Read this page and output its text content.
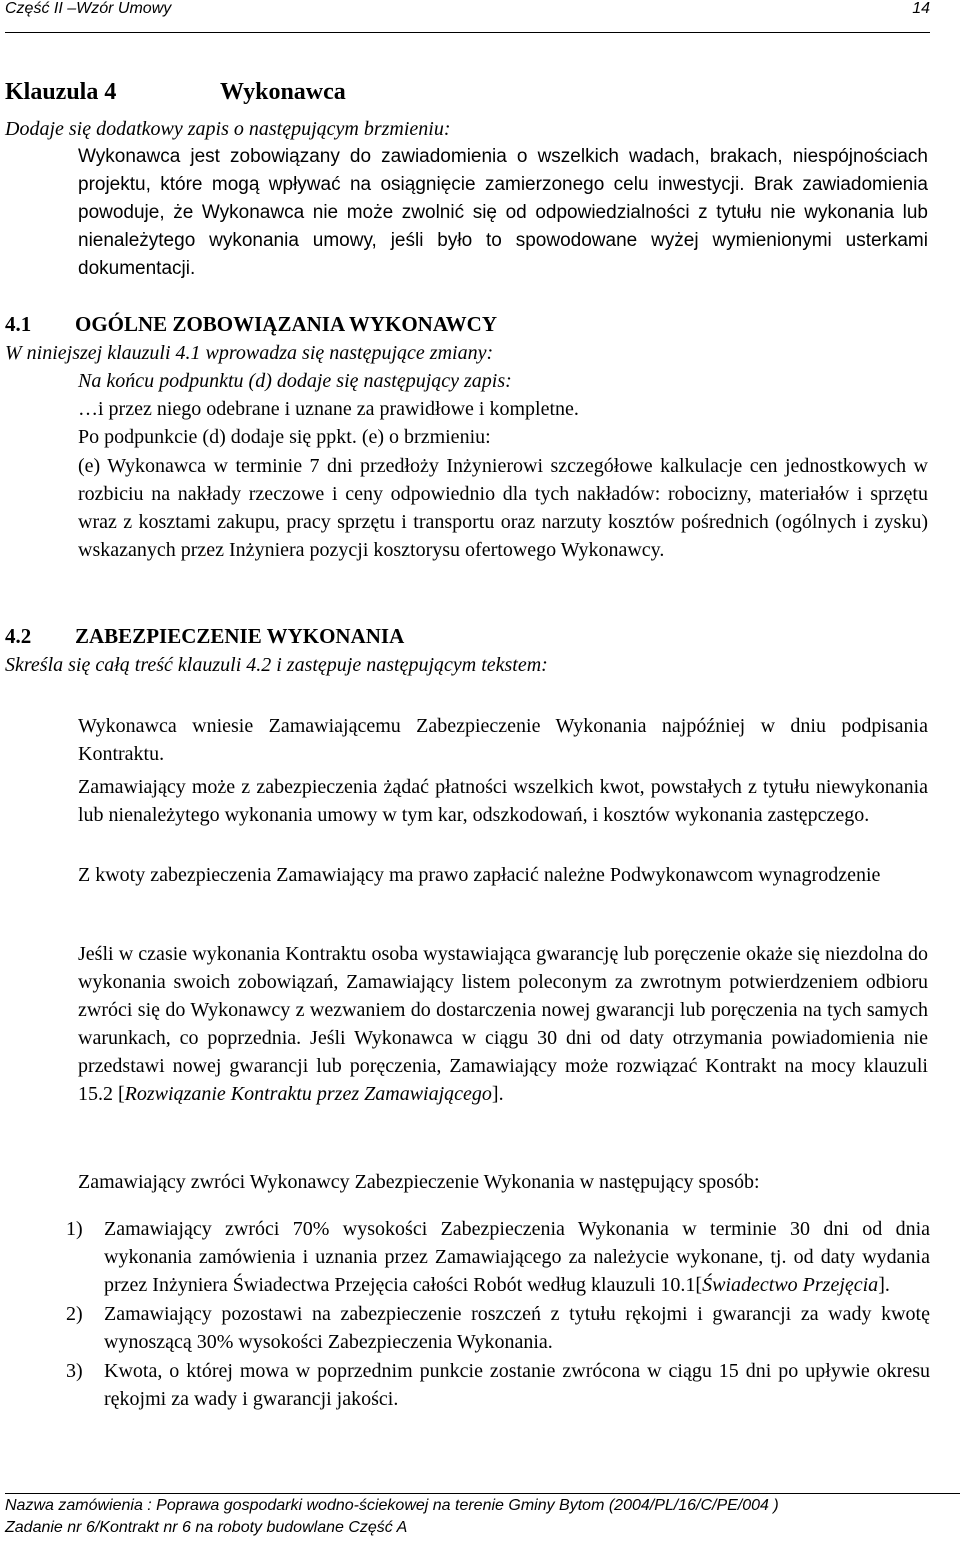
Część II –Wzór Umowy	14
Klauzula 4	Wykonawca
Dodaje się dodatkowy zapis o następującym brzmieniu:
Wykonawca jest zobowiązany do zawiadomienia o wszelkich wadach, brakach, niespójnościach projektu, które mogą wpływać na osiągnięcie zamierzonego celu inwestycji. Brak zawiadomienia powoduje, że Wykonawca nie może zwolnić się od odpowiedzialności z tytułu nie wykonania lub nienależytego wykonania umowy, jeśli było to spowodowane wyżej wymienionymi usterkami dokumentacji.
4.1 OGÓLNE ZOBOWIĄZANIA WYKONAWCY
W niniejszej klauzuli 4.1 wprowadza się następujące zmiany:
Na końcu podpunktu (d) dodaje się następujący zapis:
…i przez niego odebrane i uznane za prawidłowe i kompletne.
Po podpunkcie (d) dodaje się ppkt. (e) o brzmieniu:
(e) Wykonawca w terminie 7 dni przedłoży Inżynierowi szczegółowe kalkulacje cen jednostkowych w rozbiciu na nakłady rzeczowe i ceny odpowiednio dla tych nakładów: robocizny, materiałów i sprzętu wraz z kosztami zakupu, pracy sprzętu i transportu oraz narzuty kosztów pośrednich (ogólnych i zysku) wskazanych przez Inżyniera pozycji kosztorysu ofertowego Wykonawcy.
4.2 ZABEZPIECZENIE WYKONANIA
Skreśla się całą treść klauzuli 4.2 i zastępuje następującym tekstem:
Wykonawca wniesie Zamawiającemu Zabezpieczenie Wykonania najpóźniej w dniu podpisania Kontraktu.
Zamawiający może z zabezpieczenia żądać płatności wszelkich kwot, powstałych z tytułu niewykonania lub nienależytego wykonania umowy w tym kar, odszkodowań, i kosztów wykonania zastępczego.
Z kwoty zabezpieczenia Zamawiający ma prawo zapłacić należne Podwykonawcom wynagrodzenie
Jeśli w czasie wykonania Kontraktu osoba wystawiająca gwarancję lub poręczenie okaże się niezdolna do wykonania swoich zobowiązań, Zamawiający listem poleconym za zwrotnym potwierdzeniem odbioru zwróci się do Wykonawcy z wezwaniem do dostarczenia nowej gwarancji lub poręczenia na tych samych warunkach, co poprzednia. Jeśli Wykonawca w ciągu 30 dni od daty otrzymania powiadomienia nie przedstawi nowej gwarancji lub poręczenia, Zamawiający może rozwiązać Kontrakt na mocy klauzuli 15.2 [Rozwiązanie Kontraktu przez Zamawiającego].
Zamawiający zwróci Wykonawcy Zabezpieczenie Wykonania w następujący sposób:
1) Zamawiający zwróci 70% wysokości Zabezpieczenia Wykonania w terminie 30 dni od dnia wykonania zamówienia i uznania przez Zamawiającego za należycie wykonane, tj. od daty wydania przez Inżyniera Świadectwa Przejęcia całości Robót według klauzuli 10.1[Świadectwo Przejęcia].
2) Zamawiający pozostawi na zabezpieczenie roszczeń z tytułu rękojmi i gwarancji za wady kwotę wynoszącą 30% wysokości Zabezpieczenia Wykonania.
3) Kwota, o której mowa w poprzednim punkcie zostanie zwrócona w ciągu 15 dni po upływie okresu rękojmi za wady i gwarancji jakości.
Nazwa zamówienia : Poprawa gospodarki wodno-ściekowej na terenie Gminy Bytom (2004/PL/16/C/PE/004 )
Zadanie nr 6/Kontrakt nr 6 na roboty budowlane Część A
